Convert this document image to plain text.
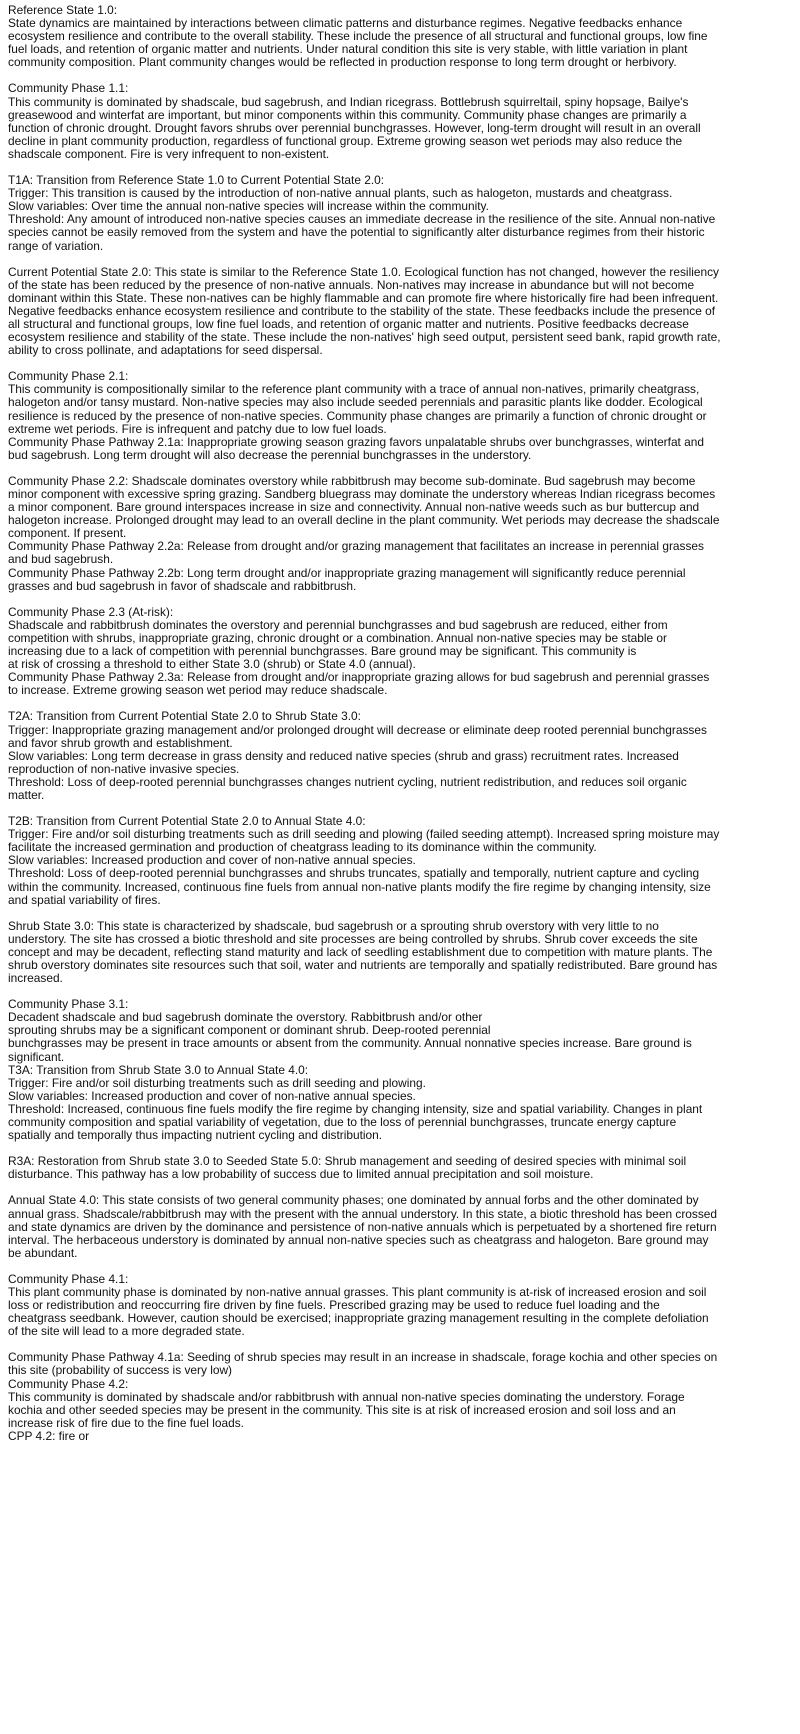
Reference State 1.0:
State dynamics are maintained by interactions between climatic patterns and disturbance regimes. Negative feedbacks enhance
ecosystem resilience and contribute to the overall stability. These include the presence of all structural and functional groups, low fine
fuel loads, and retention of organic matter and nutrients. Under natural condition this site is very stable, with little variation in plant
community composition. Plant community changes would be reflected in production response to long term drought or herbivory.
Community Phase 1.1:
This community is dominated by shadscale, bud sagebrush, and Indian ricegrass. Bottlebrush squirreltail, spiny hopsage, Bailye's
greasewood and winterfat are important, but minor components within this community. Community phase changes are primarily a
function of chronic drought. Drought favors shrubs over perennial bunchgrasses. However, long-term drought will result in an overall
decline in plant community production, regardless of functional group. Extreme growing season wet periods may also reduce the
shadscale component. Fire is very infrequent to non-existent.
T1A: Transition from Reference State 1.0 to Current Potential State 2.0:
Trigger: This transition is caused by the introduction of non-native annual plants, such as halogeton, mustards and cheatgrass.
Slow variables: Over time the annual non-native species will increase within the community.
Threshold: Any amount of introduced non-native species causes an immediate decrease in the resilience of the site. Annual non-native
species cannot be easily removed from the system and have the potential to significantly alter disturbance regimes from their historic
range of variation.
Current Potential State 2.0: This state is similar to the Reference State 1.0. Ecological function has not changed, however the resiliency
of the state has been reduced by the presence of non-native annuals. Non-natives may increase in abundance but will not become
dominant within this State. These non-natives can be highly flammable and can promote fire where historically fire had been infrequent.
Negative feedbacks enhance ecosystem resilience and contribute to the stability of the state. These feedbacks include the presence of
all structural and functional groups, low fine fuel loads, and retention of organic matter and nutrients. Positive feedbacks decrease
ecosystem resilience and stability of the state. These include the non-natives' high seed output, persistent seed bank, rapid growth rate,
ability to cross pollinate, and adaptations for seed dispersal.
Community Phase 2.1:
This community is compositionally similar to the reference plant community with a trace of annual non-natives, primarily cheatgrass,
halogeton and/or tansy mustard. Non-native species may also include seeded perennials and parasitic plants like dodder. Ecological
resilience is reduced by the presence of non-native species. Community phase changes are primarily a function of chronic drought or
extreme wet periods. Fire is infrequent and patchy due to low fuel loads.
Community Phase Pathway 2.1a: Inappropriate growing season grazing favors unpalatable shrubs over bunchgrasses, winterfat and
bud sagebrush. Long term drought will also decrease the perennial bunchgrasses in the understory.
Community Phase 2.2: Shadscale dominates overstory while rabbitbrush may become sub-dominate. Bud sagebrush may become
minor component with excessive spring grazing. Sandberg bluegrass may dominate the understory whereas Indian ricegrass becomes
a minor component. Bare ground interspaces increase in size and connectivity. Annual non-native weeds such as bur buttercup and
halogeton increase. Prolonged drought may lead to an overall decline in the plant community. Wet periods may decrease the shadscale
component. If present.
Community Phase Pathway 2.2a: Release from drought and/or grazing management that facilitates an increase in perennial grasses
and bud sagebrush.
Community Phase Pathway 2.2b: Long term drought and/or inappropriate grazing management will significantly reduce perennial
grasses and bud sagebrush in favor of shadscale and rabbitbrush.
Community Phase 2.3 (At-risk):
Shadscale and rabbitbrush dominates the overstory and perennial bunchgrasses and bud sagebrush are reduced, either from
competition with shrubs, inappropriate grazing, chronic drought or a combination. Annual non-native species may be stable or
increasing due to a lack of competition with perennial bunchgrasses. Bare ground may be significant. This community is
at risk of crossing a threshold to either State 3.0 (shrub) or State 4.0 (annual).
Community Phase Pathway 2.3a: Release from drought and/or inappropriate grazing allows for bud sagebrush and perennial grasses
to increase. Extreme growing season wet period may reduce shadscale.
T2A: Transition from Current Potential State 2.0 to Shrub State 3.0:
Trigger: Inappropriate grazing management and/or prolonged drought will decrease or eliminate deep rooted perennial bunchgrasses
and favor shrub growth and establishment.
Slow variables: Long term decrease in grass density and reduced native species (shrub and grass) recruitment rates. Increased
reproduction of non-native invasive species.
Threshold: Loss of deep-rooted perennial bunchgrasses changes nutrient cycling, nutrient redistribution, and reduces soil organic
matter.
T2B: Transition from Current Potential State 2.0 to Annual State 4.0:
Trigger: Fire and/or soil disturbing treatments such as drill seeding and plowing (failed seeding attempt). Increased spring moisture may
facilitate the increased germination and production of cheatgrass leading to its dominance within the community.
Slow variables: Increased production and cover of non-native annual species.
Threshold: Loss of deep-rooted perennial bunchgrasses and shrubs truncates, spatially and temporally, nutrient capture and cycling
within the community. Increased, continuous fine fuels from annual non-native plants modify the fire regime by changing intensity, size
and spatial variability of fires.
Shrub State 3.0: This state is characterized by shadscale, bud sagebrush or a sprouting shrub overstory with very little to no
understory. The site has crossed a biotic threshold and site processes are being controlled by shrubs. Shrub cover exceeds the site
concept and may be decadent, reflecting stand maturity and lack of seedling establishment due to competition with mature plants. The
shrub overstory dominates site resources such that soil, water and nutrients are temporally and spatially redistributed. Bare ground has
increased.
Community Phase 3.1:
Decadent shadscale and bud sagebrush dominate the overstory. Rabbitbrush and/or other
sprouting shrubs may be a significant component or dominant shrub. Deep-rooted perennial
bunchgrasses may be present in trace amounts or absent from the community. Annual nonnative species increase. Bare ground is
significant.
T3A: Transition from Shrub State 3.0 to Annual State 4.0:
Trigger: Fire and/or soil disturbing treatments such as drill seeding and plowing.
Slow variables: Increased production and cover of non-native annual species.
Threshold: Increased, continuous fine fuels modify the fire regime by changing intensity, size and spatial variability. Changes in plant
community composition and spatial variability of vegetation, due to the loss of perennial bunchgrasses, truncate energy capture
spatially and temporally thus impacting nutrient cycling and distribution.
R3A: Restoration from Shrub state 3.0 to Seeded State 5.0: Shrub management and seeding of desired species with minimal soil
disturbance. This pathway has a low probability of success due to limited annual precipitation and soil moisture.
Annual State 4.0: This state consists of two general community phases; one dominated by annual forbs and the other dominated by
annual grass. Shadscale/rabbitbrush may with the present with the annual understory. In this state, a biotic threshold has been crossed
and state dynamics are driven by the dominance and persistence of non-native annuals which is perpetuated by a shortened fire return
interval. The herbaceous understory is dominated by annual non-native species such as cheatgrass and halogeton. Bare ground may
be abundant.
Community Phase 4.1:
This plant community phase is dominated by non-native annual grasses. This plant community is at-risk of increased erosion and soil
loss or redistribution and reoccurring fire driven by fine fuels. Prescribed grazing may be used to reduce fuel loading and the
cheatgrass seedbank. However, caution should be exercised; inappropriate grazing management resulting in the complete defoliation
of the site will lead to a more degraded state.
Community Phase Pathway 4.1a: Seeding of shrub species may result in an increase in shadscale, forage kochia and other species on
this site (probability of success is very low)
Community Phase 4.2:
This community is dominated by shadscale and/or rabbitbrush with annual non-native species dominating the understory. Forage
kochia and other seeded species may be present in the community. This site is at risk of increased erosion and soil loss and an
increase risk of fire due to the fine fuel loads.
CPP 4.2: fire or
